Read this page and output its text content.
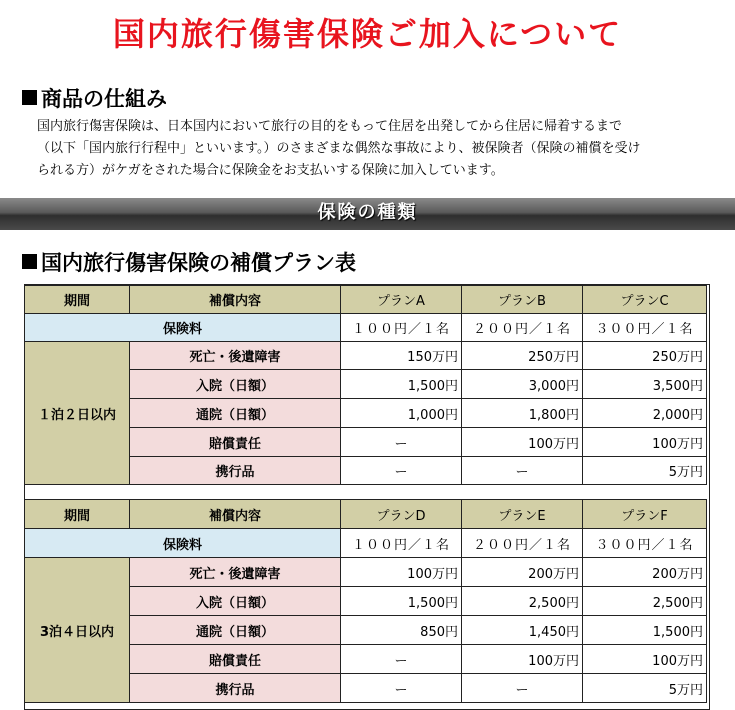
国内旅行傷害保険ご加入について
商品の仕組み
国内旅行傷害保険は、日本国内において旅行の目的をもって住居を出発してから住居に帰着するまで
（以下「国内旅行行程中」といいます。）のさまざまな偶然な事故により、被保険者（保険の補償を受け
られる方）がケガをされた場合に保険金をお支払いする保険に加入しています。
保険の種類
国内旅行傷害保険の補償プラン表
期間	補償内容	プランA	プランB	プランC
保険料		１００円／１名	２００円／１名	３００円／１名
１泊２日以内	死亡・後遺障害	150万円	250万円	250万円
	入院（日額）	1,500円	3,000円	3,500円
	通院（日額）	1,000円	1,800円	2,000円
	賠償責任	ー	100万円	100万円
	携行品	ー	ー	5万円
期間	補償内容	プランD	プランE	プランF
保険料		１００円／１名	２００円／１名	３００円／１名
3泊４日以内	死亡・後遺障害	100万円	200万円	200万円
	入院（日額）	1,500円	2,500円	2,500円
	通院（日額）	850円	1,450円	1,500円
	賠償責任	ー	100万円	100万円
	携行品	ー	ー	5万円
